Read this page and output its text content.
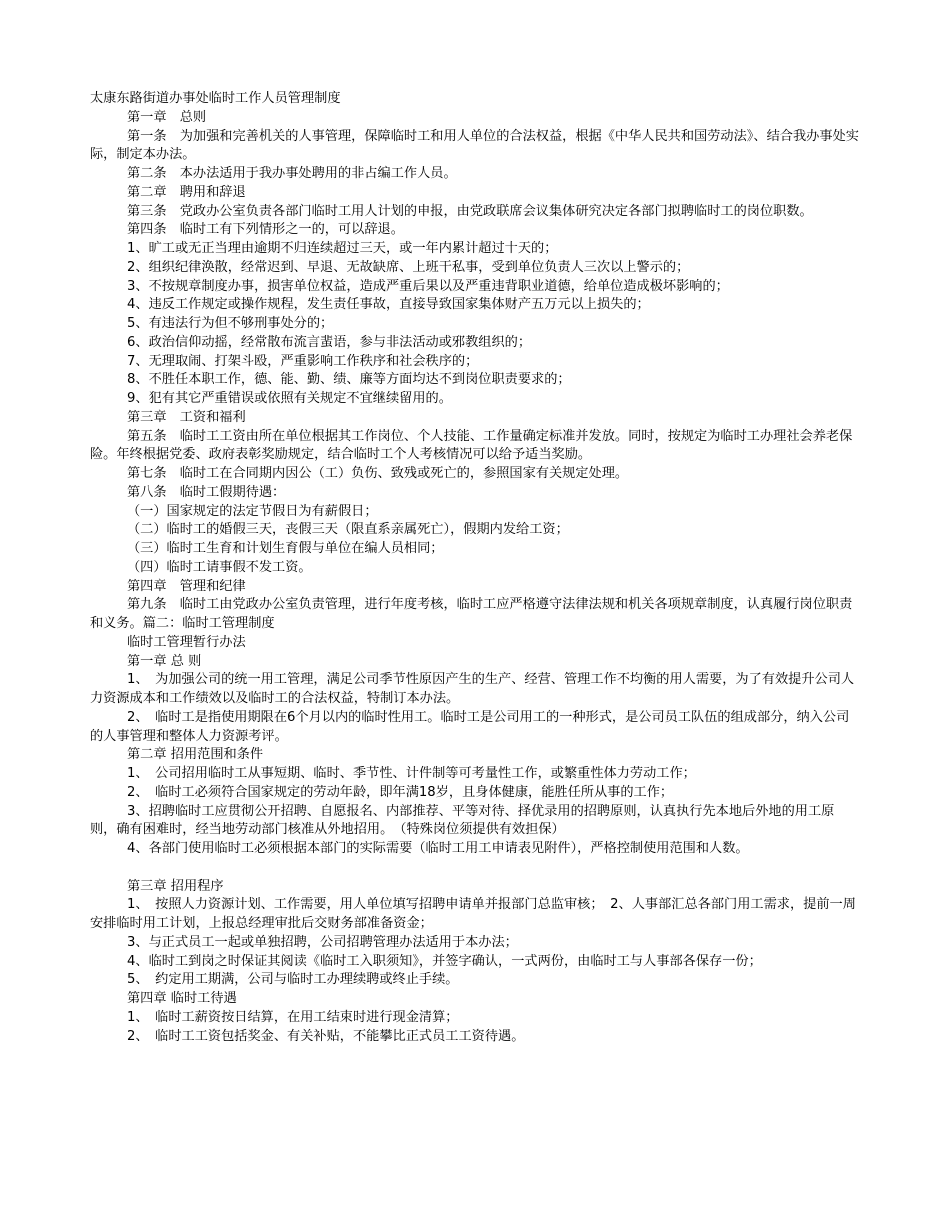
太康东路街道办事处临时工作人员管理制度

第一章　总则

第一条　为加强和完善机关的人事管理，保障临时工和用人单位的合法权益，根据《中华人民共和国劳动法》、结合我办事处实际，制定本办法。

第二条　本办法适用于我办事处聘用的非占编工作人员。

第二章　聘用和辞退

第三条　党政办公室负责各部门临时工用人计划的申报，由党政联席会议集体研究决定各部门拟聘临时工的岗位职数。

第四条　临时工有下列情形之一的，可以辞退。

1、旷工或无正当理由逾期不归连续超过三天，或一年内累计超过十天的；

2、组织纪律涣散，经常迟到、早退、无故缺席、上班干私事，受到单位负责人三次以上警示的；

3、不按规章制度办事，损害单位权益，造成严重后果以及严重违背职业道德，给单位造成极坏影响的；

4、违反工作规定或操作规程，发生责任事故，直接导致国家集体财产五万元以上损失的；

5、有违法行为但不够刑事处分的；

6、政治信仰动摇，经常散布流言蜚语，参与非法活动或邪教组织的；

7、无理取闹、打架斗殴，严重影响工作秩序和社会秩序的；

8、不胜任本职工作，德、能、勤、绩、廉等方面均达不到岗位职责要求的；

9、犯有其它严重错误或依照有关规定不宜继续留用的。

第三章　工资和福利

第五条　临时工工资由所在单位根据其工作岗位、个人技能、工作量确定标准并发放。同时，按规定为临时工办理社会养老保险。年终根据党委、政府表彰奖励规定，结合临时工个人考核情况可以给予适当奖励。

第七条　临时工在合同期内因公（工）负伤、致残或死亡的，参照国家有关规定处理。

第八条　临时工假期待遇：

（一）国家规定的法定节假日为有薪假日；

（二）临时工的婚假三天，丧假三天（限直系亲属死亡），假期内发给工资；

（三）临时工生育和计划生育假与单位在编人员相同；

（四）临时工请事假不发工资。

第四章　管理和纪律

第九条　临时工由党政办公室负责管理，进行年度考核，临时工应严格遵守法律法规和机关各项规章制度，认真履行岗位职责和义务。篇二：临时工管理制度

临时工管理暂行办法

第一章 总 则

1、　为加强公司的统一用工管理，满足公司季节性原因产生的生产、经营、管理工作不均衡的用人需要，为了有效提升公司人力资源成本和工作绩效以及临时工的合法权益，特制订本办法。

2、　临时工是指使用期限在6个月以内的临时性用工。临时工是公司用工的一种形式，是公司员工队伍的组成部分，纳入公司的人事管理和整体人力资源考评。

第二章 招用范围和条件

1、　公司招用临时工从事短期、临时、季节性、计件制等可考量性工作，或繁重性体力劳动工作；

2、　临时工必须符合国家规定的劳动年龄，即年满18岁，且身体健康，能胜任所从事的工作；

3、招聘临时工应贯彻公开招聘、自愿报名、内部推荐、平等对待、择优录用的招聘原则，认真执行先本地后外地的用工原则，确有困难时，经当地劳动部门核准从外地招用。　（特殊岗位须提供有效担保）

4、各部门使用临时工必须根据本部门的实际需要（临时工用工申请表见附件），严格控制使用范围和人数。

第三章 招用程序

1、　按照人力资源计划、工作需要，用人单位填写招聘申请单并报部门总监审核；　2、人事部汇总各部门用工需求，提前一周安排临时用工计划，上报总经理审批后交财务部准备资金；

3、与正式员工一起或单独招聘，公司招聘管理办法适用于本办法；

4、临时工到岗之时保证其阅读《临时工入职须知》，并签字确认，一式两份，由临时工与人事部各保存一份；

5、　约定用工期满，公司与临时工办理续聘或终止手续。

第四章 临时工待遇

1、　临时工薪资按日结算，在用工结束时进行现金清算；

2、　临时工工资包括奖金、有关补贴，不能攀比正式员工工资待遇。
